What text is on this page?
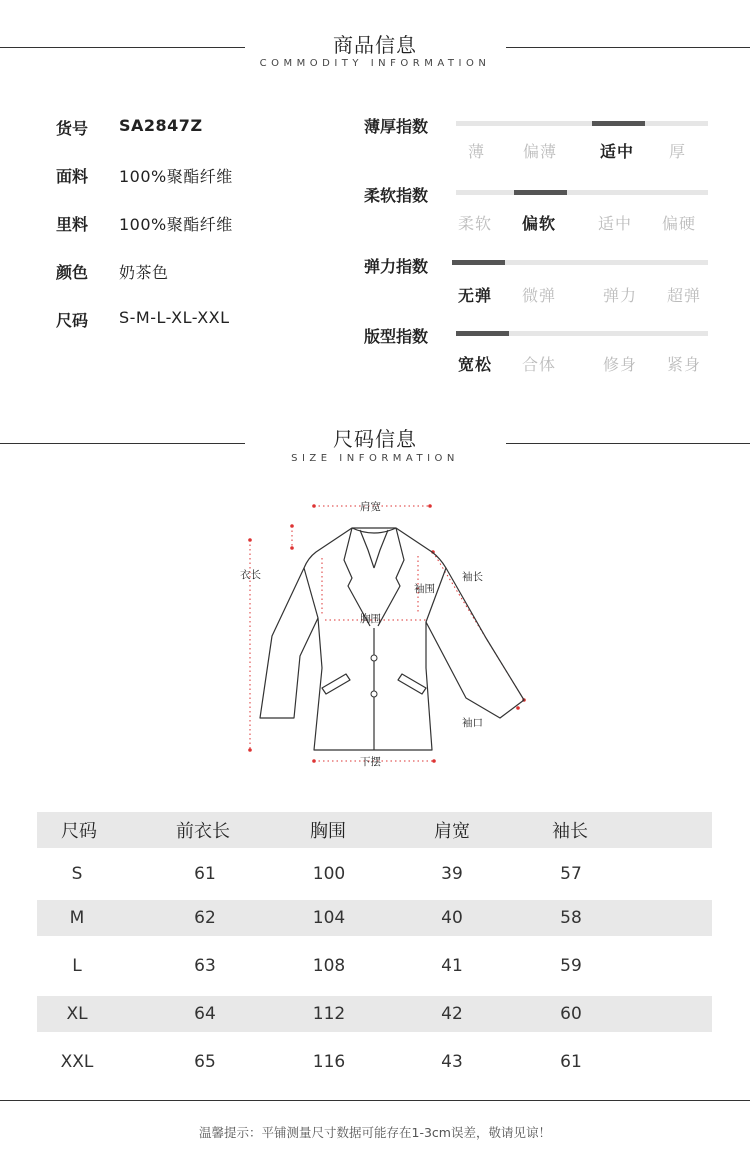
商品信息
COMMODITY INFORMATION
货号	SA2847Z
面料	100%聚酯纤维
里料	100%聚酯纤维
颜色	奶茶色
尺码	S-M-L-XL-XXL
薄厚指数
薄 偏薄	适中 厚
柔软指数
柔软 偏软	适中 偏硬
弹力指数
无弹 微弹	弹力 超弹
版型指数
宽松 合体	修身 紧身
尺码信息
SIZE INFORMATION
肩宽
衣长
袖围
袖长
胸围
袖口
下摆
尺码	前衣长	胸围	肩宽	袖长
S	61	100	39	57
M	62	104	40	58
L	63	108	41	59
XL	64	112	42	60
XXL	65	116	43	61
温馨提示：平铺测量尺寸数据可能存在1-3cm误差，敬请见谅！
